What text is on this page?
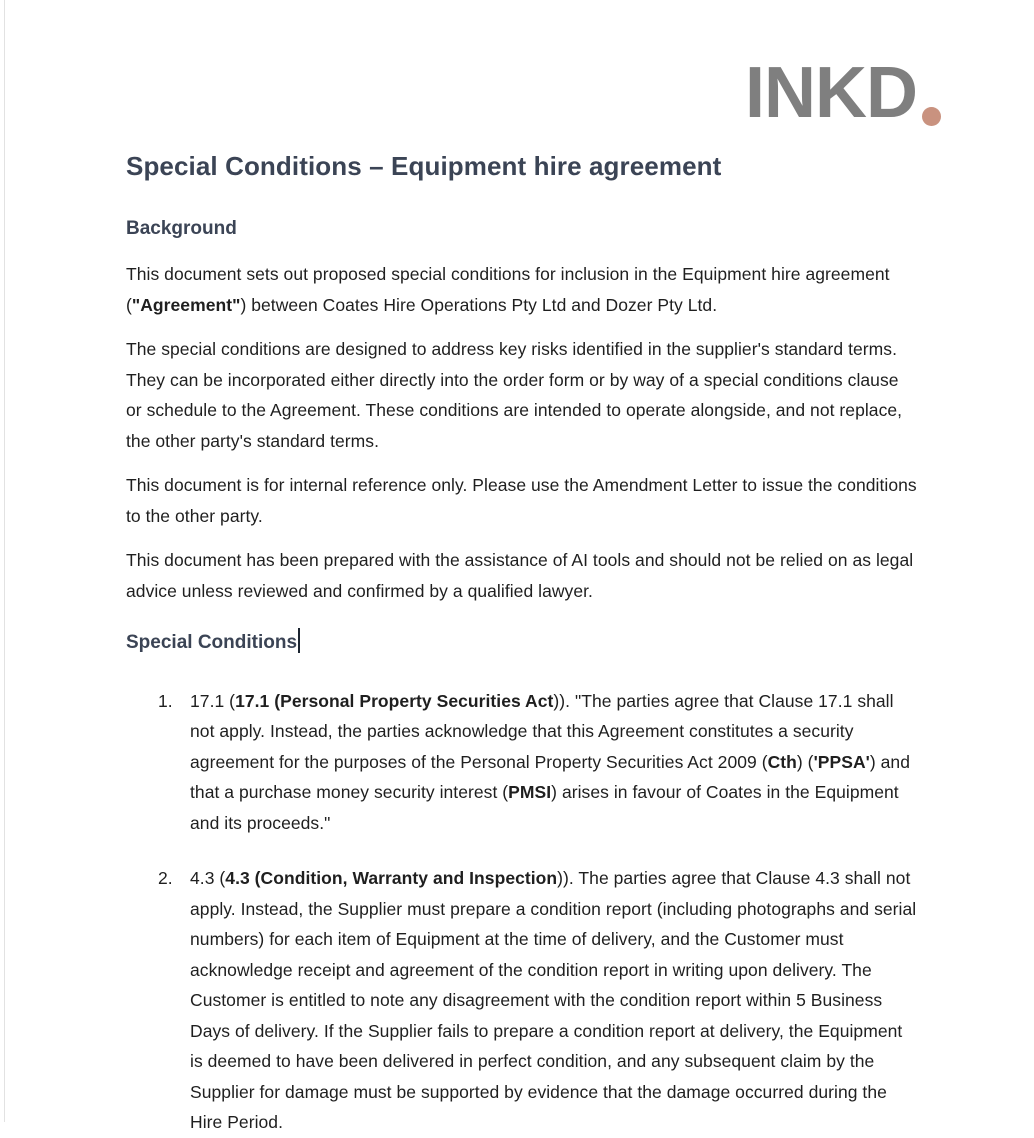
INKD
Special Conditions – Equipment hire agreement
Background

This document sets out proposed special conditions for inclusion in the Equipment hire agreement ("Agreement") between Coates Hire Operations Pty Ltd and Dozer Pty Ltd.

The special conditions are designed to address key risks identified in the supplier's standard terms. They can be incorporated either directly into the order form or by way of a special conditions clause or schedule to the Agreement. These conditions are intended to operate alongside, and not replace, the other party's standard terms.

This document is for internal reference only. Please use the Amendment Letter to issue the conditions to the other party.

This document has been prepared with the assistance of AI tools and should not be relied on as legal advice unless reviewed and confirmed by a qualified lawyer.

Special Conditions
17.1 (17.1 (Personal Property Securities Act)). "The parties agree that Clause 17.1 shall not apply. Instead, the parties acknowledge that this Agreement constitutes a security agreement for the purposes of the Personal Property Securities Act 2009 (Cth) ('PPSA') and that a purchase money security interest (PMSI) arises in favour of Coates in the Equipment and its proceeds."
4.3 (4.3 (Condition, Warranty and Inspection)). The parties agree that Clause 4.3 shall not apply. Instead, the Supplier must prepare a condition report (including photographs and serial numbers) for each item of Equipment at the time of delivery, and the Customer must acknowledge receipt and agreement of the condition report in writing upon delivery. The Customer is entitled to note any disagreement with the condition report within 5 Business Days of delivery. If the Supplier fails to prepare a condition report at delivery, the Equipment is deemed to have been delivered in perfect condition, and any subsequent claim by the Supplier for damage must be supported by evidence that the damage occurred during the Hire Period.
